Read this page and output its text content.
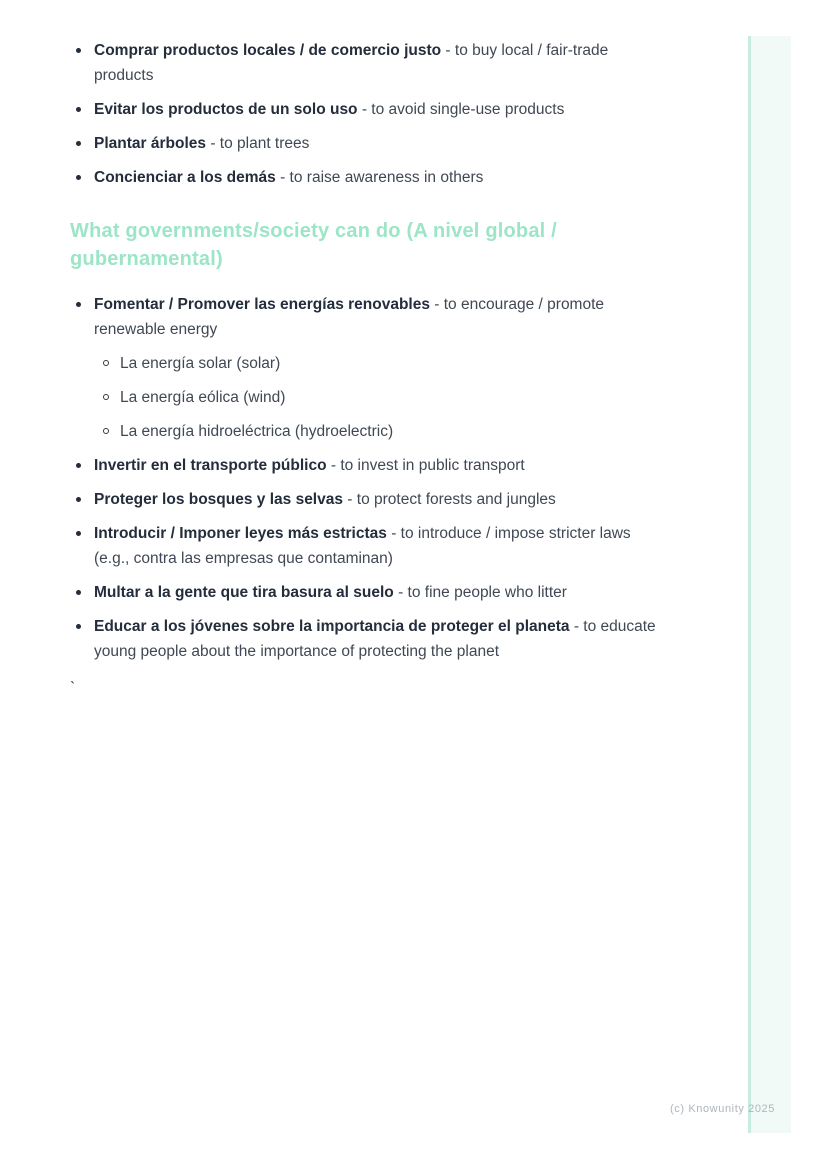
Comprar productos locales / de comercio justo - to buy local / fair-trade products
Evitar los productos de un solo uso - to avoid single-use products
Plantar árboles - to plant trees
Concienciar a los demás - to raise awareness in others
What governments/society can do (A nivel global / gubernamental)
Fomentar / Promover las energías renovables - to encourage / promote renewable energy
La energía solar (solar)
La energía eólica (wind)
La energía hidroeléctrica (hydroelectric)
Invertir en el transporte público - to invest in public transport
Proteger los bosques y las selvas - to protect forests and jungles
Introducir / Imponer leyes más estrictas - to introduce / impose stricter laws (e.g., contra las empresas que contaminan)
Multar a la gente que tira basura al suelo - to fine people who litter
Educar a los jóvenes sobre la importancia de proteger el planeta - to educate young people about the importance of protecting the planet
`
(c) Knowunity 2025
